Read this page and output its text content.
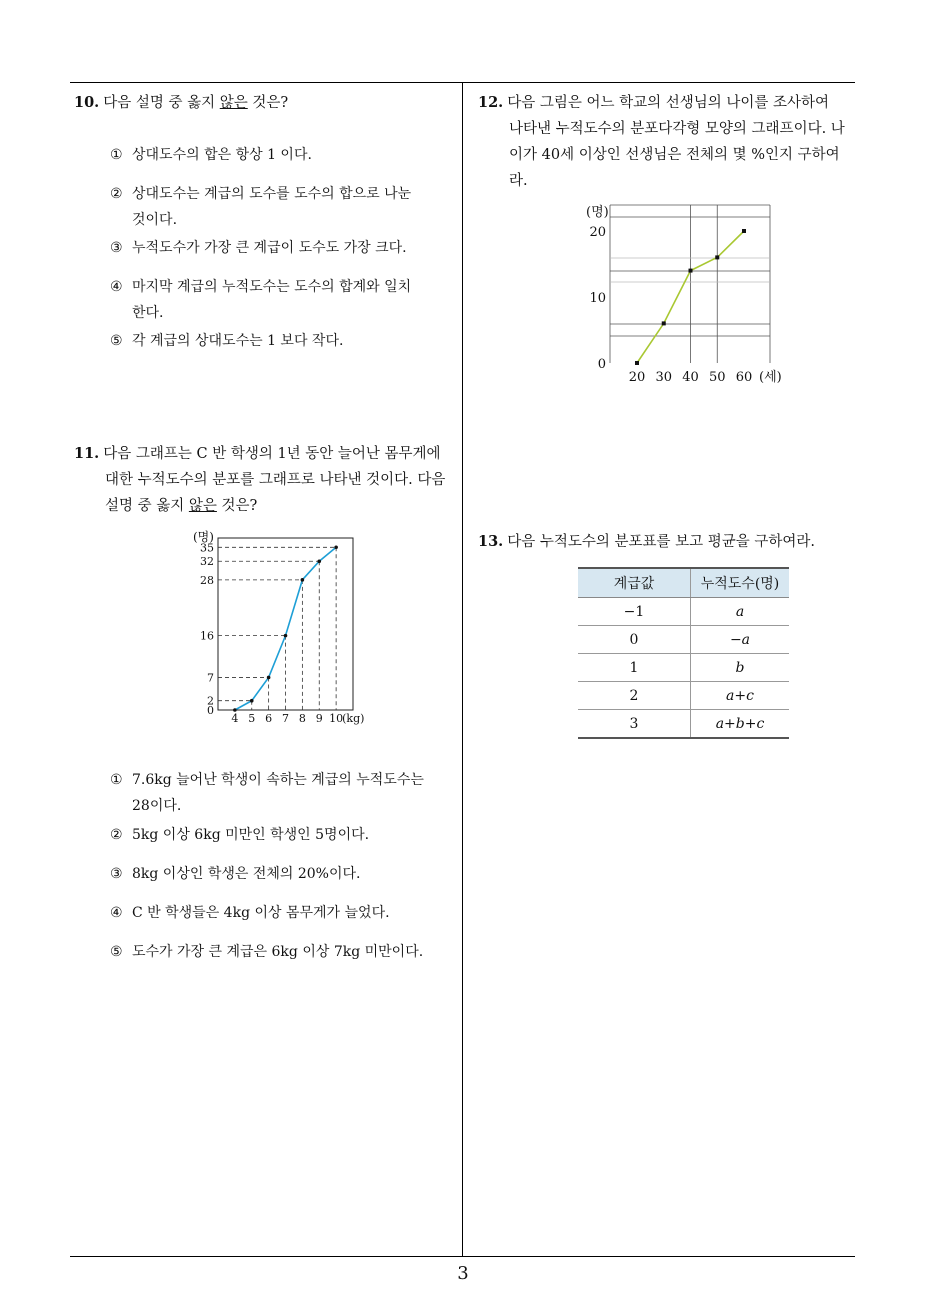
10. 다음 설명 중 옳지 않은 것은?
① 상대도수의 합은 항상 1 이다.
② 상대도수는 계급의 도수를 도수의 합으로 나눈
것이다.
③ 누적도수가 가장 큰 계급이 도수도 가장 크다.
④ 마지막 계급의 누적도수는 도수의 합계와 일치
한다.
⑤ 각 계급의 상대도수는 1 보다 작다.
11. 다음 그래프는 C 반 학생의 1년 동안 늘어난 몸무게에
대한 누적도수의 분포를 그래프로 나타낸 것이다. 다음
설명 중 옳지 않은 것은?
4 5 6 7 8 9 10 (kg)
0
2
7
16
28
32
35
(명)
① 7.6kg 늘어난 학생이 속하는 계급의 누적도수는
28이다.
② 5kg 이상 6kg 미만인 학생인 5명이다.
③ 8kg 이상인 학생은 전체의 20%이다.
④ C 반 학생들은 4kg 이상 몸무게가 늘었다.
⑤ 도수가 가장 큰 계급은 6kg 이상 7kg 미만이다.
12. 다음 그림은 어느 학교의 선생님의 나이를 조사하여
나타낸 누적도수의 분포다각형 모양의 그래프이다. 나
이가 40세 이상인 선생님은 전체의 몇 %인지 구하여
라.
20 30 40 50 60 (세)
0
10
20
(명)
13. 다음 누적도수의 분포표를 보고 평균을 구하여라.
계급값	누적도수(명)
−1	a
0	−a
1	b
2	a+c
3	a+b+c
3
